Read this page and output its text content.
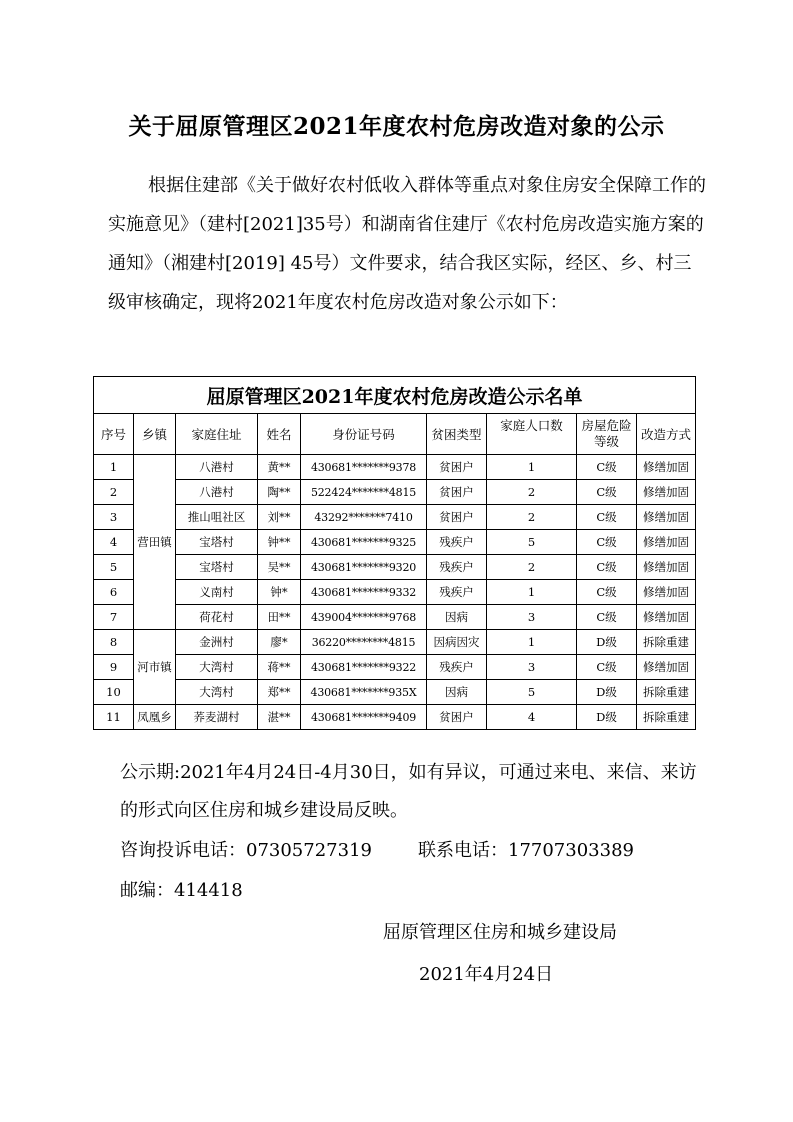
关于屈原管理区2021年度农村危房改造对象的公示
根据住建部《关于做好农村低收入群体等重点对象住房安全保障工作的实施意见》（建村[2021]35号）和湖南省住建厅《农村危房改造实施方案的通知》（湘建村[2019] 45号）文件要求，结合我区实际，经区、乡、村三级审核确定，现将2021年度农村危房改造对象公示如下：
屈原管理区2021年度农村危房改造公示名单								
序号	乡镇	家庭住址	姓名	身份证号码	贫困类型	家庭人口数	房屋危险等级	改造方式
1	营田镇	八港村	黄**	430681*******9378	贫困户	1	C级	修缮加固
2		八港村	陶**	522424*******4815	贫困户	2	C级	修缮加固
3		推山咀社区	刘**	43292*******7410	贫困户	2	C级	修缮加固
4		宝塔村	钟**	430681*******9325	残疾户	5	C级	修缮加固
5		宝塔村	吴**	430681*******9320	残疾户	2	C级	修缮加固
6		义南村	钟*	430681*******9332	残疾户	1	C级	修缮加固
7		荷花村	田**	439004*******9768	因病	3	C级	修缮加固
8	河市镇	金洲村	廖*	36220********4815	因病因灾	1	D级	拆除重建
9		大湾村	蒋**	430681*******9322	残疾户	3	C级	修缮加固
10		大湾村	郑**	430681*******935X	因病	5	D级	拆除重建
11	凤凰乡	荞麦湖村	湛**	430681*******9409	贫困户	4	D级	拆除重建
公示期:2021年4月24日-4月30日，如有异议，可通过来电、来信、来访的形式向区住房和城乡建设局反映。
咨询投诉电话：07305727319	联系电话：17707303389
邮编：414418
屈原管理区住房和城乡建设局
2021年4月24日
